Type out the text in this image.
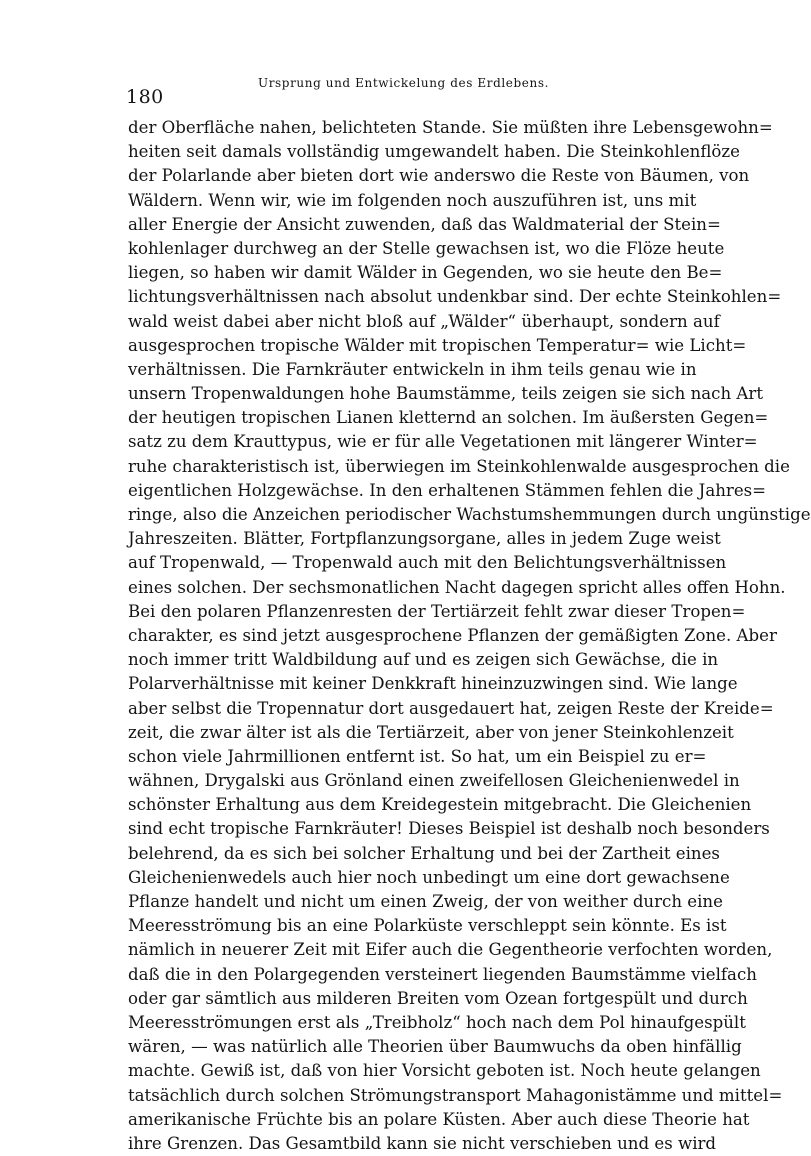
180
Ursprung und Entwickelung des Erdlebens.
der Oberfläche nahen, belichteten Stande. Sie müßten ihre Lebensgewohn=
heiten seit damals vollständig umgewandelt haben. Die Steinkohlenflöze
der Polarlande aber bieten dort wie anderswo die Reste von Bäumen, von
Wäldern. Wenn wir, wie im folgenden noch auszuführen ist, uns mit
aller Energie der Ansicht zuwenden, daß das Waldmaterial der Stein=
kohlenlager durchweg an der Stelle gewachsen ist, wo die Flöze heute
liegen, so haben wir damit Wälder in Gegenden, wo sie heute den Be=
lichtungsverhältnissen nach absolut undenkbar sind. Der echte Steinkohlen=
wald weist dabei aber nicht bloß auf „Wälder“ überhaupt, sondern auf
ausgesprochen tropische Wälder mit tropischen Temperatur= wie Licht=
verhältnissen. Die Farnkräuter entwickeln in ihm teils genau wie in
unsern Tropenwaldungen hohe Baumstämme, teils zeigen sie sich nach Art
der heutigen tropischen Lianen kletternd an solchen. Im äußersten Gegen=
satz zu dem Krauttypus, wie er für alle Vegetationen mit längerer Winter=
ruhe charakteristisch ist, überwiegen im Steinkohlenwalde ausgesprochen die
eigentlichen Holzgewächse. In den erhaltenen Stämmen fehlen die Jahres=
ringe, also die Anzeichen periodischer Wachstumshemmungen durch ungünstige
Jahreszeiten. Blätter, Fortpflanzungsorgane, alles in jedem Zuge weist
auf Tropenwald, — Tropenwald auch mit den Belichtungsverhältnissen
eines solchen. Der sechsmonatlichen Nacht dagegen spricht alles offen Hohn.
Bei den polaren Pflanzenresten der Tertiärzeit fehlt zwar dieser Tropen=
charakter, es sind jetzt ausgesprochene Pflanzen der gemäßigten Zone. Aber
noch immer tritt Waldbildung auf und es zeigen sich Gewächse, die in
Polarverhältnisse mit keiner Denkkraft hineinzuzwingen sind. Wie lange
aber selbst die Tropennatur dort ausgedauert hat, zeigen Reste der Kreide=
zeit, die zwar älter ist als die Tertiärzeit, aber von jener Steinkohlenzeit
schon viele Jahrmillionen entfernt ist. So hat, um ein Beispiel zu er=
wähnen, Drygalski aus Grönland einen zweifellosen Gleichenienwedel in
schönster Erhaltung aus dem Kreidegestein mitgebracht. Die Gleichenien
sind echt tropische Farnkräuter! Dieses Beispiel ist deshalb noch besonders
belehrend, da es sich bei solcher Erhaltung und bei der Zartheit eines
Gleichenienwedels auch hier noch unbedingt um eine dort gewachsene
Pflanze handelt und nicht um einen Zweig, der von weither durch eine
Meeresströmung bis an eine Polarküste verschleppt sein könnte. Es ist
nämlich in neuerer Zeit mit Eifer auch die Gegentheorie verfochten worden,
daß die in den Polargegenden versteinert liegenden Baumstämme vielfach
oder gar sämtlich aus milderen Breiten vom Ozean fortgespült und durch
Meeresströmungen erst als „Treibholz“ hoch nach dem Pol hinaufgespült
wären, — was natürlich alle Theorien über Baumwuchs da oben hinfällig
machte. Gewiß ist, daß von hier Vorsicht geboten ist. Noch heute gelangen
tatsächlich durch solchen Strömungstransport Mahagonistämme und mittel=
amerikanische Früchte bis an polare Küsten. Aber auch diese Theorie hat
ihre Grenzen. Das Gesamtbild kann sie nicht verschieben und es wird
